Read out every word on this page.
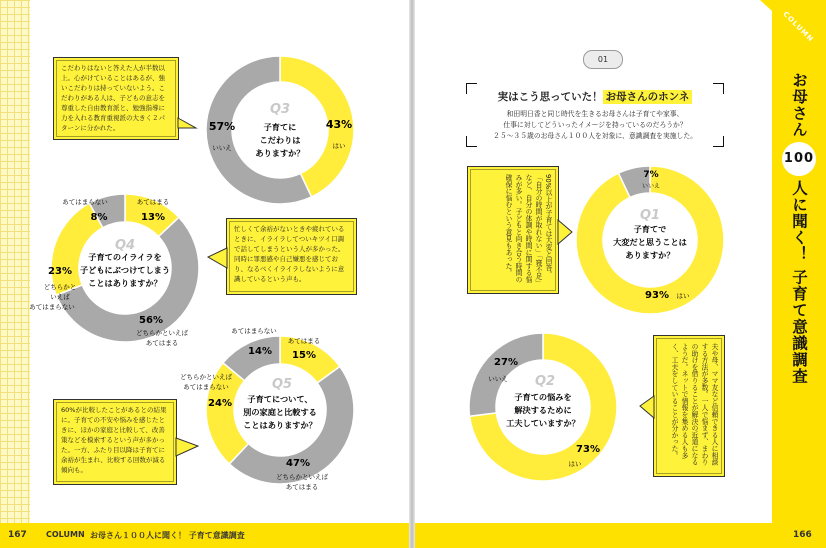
COLUMN
お母さん100人に聞く！ 子育て意識調査
01
実はこう思っていた！ お母さんのホンネ
和田明日香と同じ時代を生きるお母さんは子育てや家事、
仕事に対してどういったイメージを持っているのだろうか？
２５～３５歳のお母さん１００人を対象に、意識調査を実施した。
こだわりはないと答えた人が半数以上。心がけていることはあるが、強いこだわりは持っていないよう。こだわりがある人は、子どもの意志を尊重した自由教育派と、勉強指導に力を入れる教育重視派の大きく２パターンに分かれた。
忙しくて余裕がないときや疲れているときに、イライラしてついキツイ口調で話してしまうという人が多かった。同時に罪悪感や自己嫌悪を感じており、なるべくイライラしないように意識しているという声も。
60%が比較したことがあるとの結果に。子育ての不安や悩みを感じたときに、ほかの家庭と比較して、改善策などを模索するという声が多かった。一方、ふたり目以降は子育てに余裕が生まれ、比較する回数が減る傾向も。
90%以上が子育ては大変と回答。「自分の時間が取れない」「寝不足」など、自分の体調や時間に関する悩みが多い。子どもと向き合う時間の確保に悩むという意見もあった。
夫や母、ママ友など信頼できる人に相談する方法が多数。一人で悩まず、まわりの助けを借りることが解決の近道になるようだ。ネットで情報を集める人も多く、工夫をしていることが分かった。
43%
はい
57%
いいえ
Q3
子育てに
こだわりは
ありますか？
13%
あてはまる
56%
どちらかといえば
あてはまる
23%
どちらかと
いえば
あてはまらない
8%
あてはまらない
Q4
子育てのイライラを
子どもにぶつけてしまう
ことはありますか？
15%
あてはまる
47%
どちらかといえば
あてはまる
24%
どちらかといえば
あてはまらない
14%
あてはまらない
Q5
子育てについて、
別の家庭と比較する
ことはありますか？
93% はい
7%
いいえ
Q1
子育てで
大変だと思うことは
ありますか？
73%
はい
27%
いいえ Q2
子育ての悩みを
解決するために
工夫していますか？
167 COLUMN お母さん１００人に聞く！ 子育て意識調査	166
